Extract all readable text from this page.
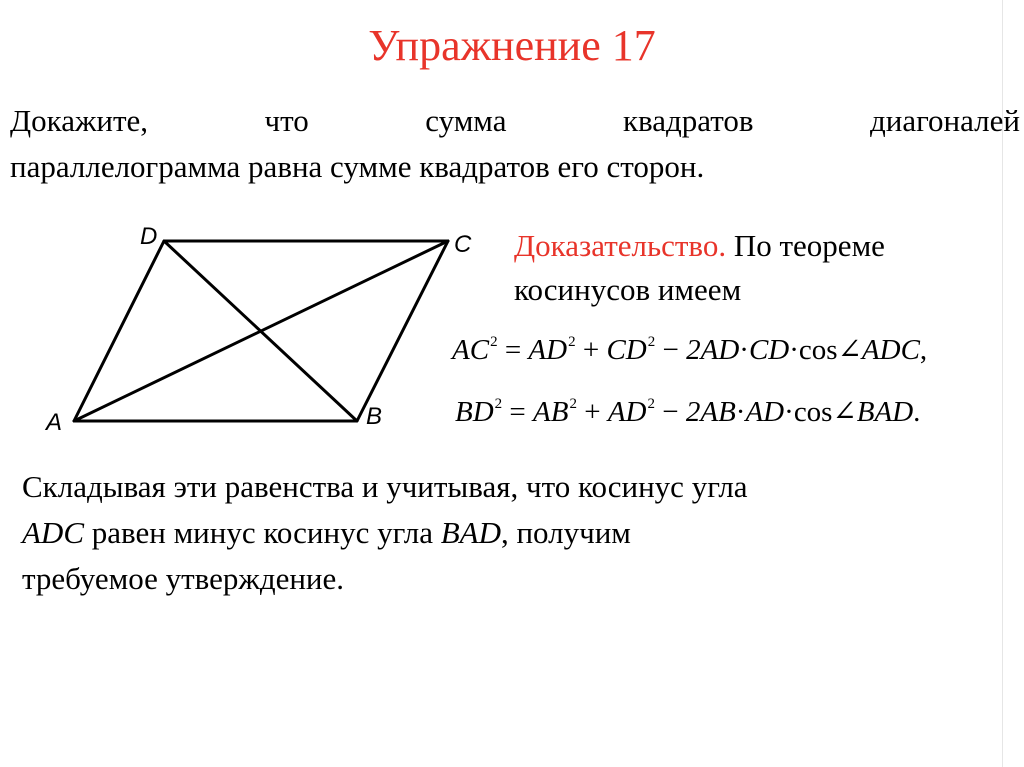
Упражнение 17
Докажите, что сумма квадратов диагоналей
параллелограмма равна сумме квадратов его сторон.
A	B
C
D	Доказательство. По теореме
косинусов имеем
$AC^2 = AD^2 + CD^2$ − 2AD·CD·cos∠ADC,
$BD^2 = AB^2 + AD^2$ − 2AB·AD·cos∠BAD.
Складывая эти равенства и учитывая, что косинус угла
ADC равен минус косинус угла BAD, получим
требуемое утверждение.
